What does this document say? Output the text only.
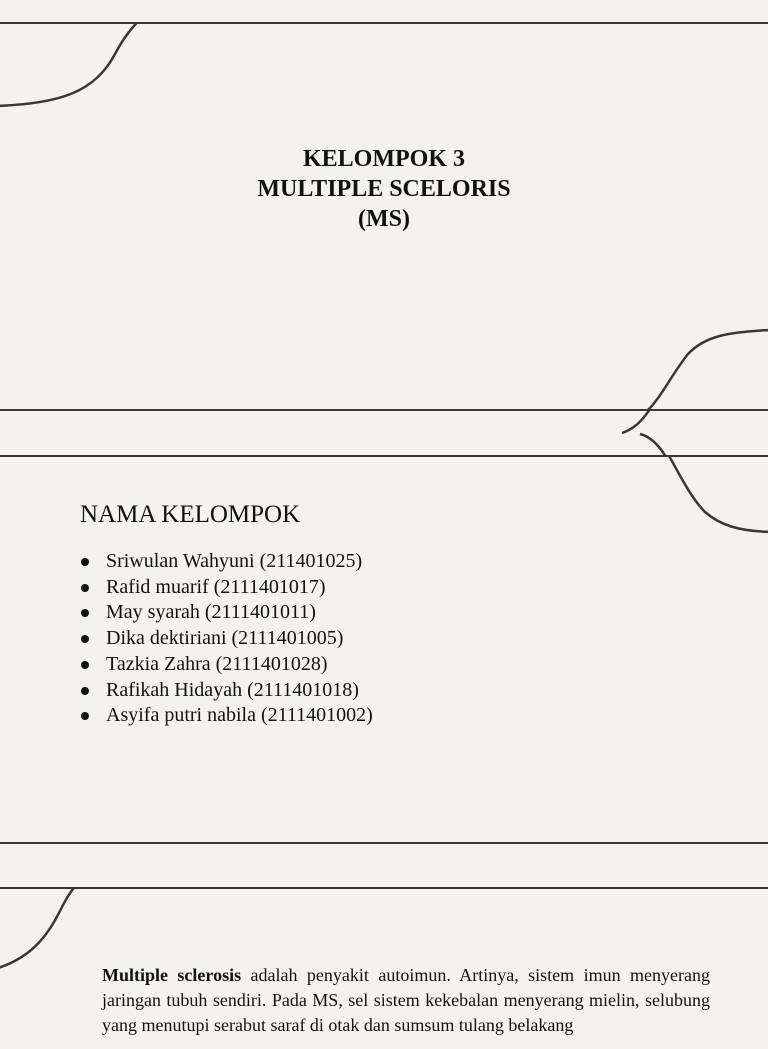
KELOMPOK 3
MULTIPLE SCELORIS
(MS)
NAMA KELOMPOK
Sriwulan Wahyuni (211401025)
Rafid muarif (2111401017)
May syarah (2111401011)
Dika dektiriani (2111401005)
Tazkia Zahra (2111401028)
Rafikah Hidayah (2111401018)
Asyifa putri nabila (2111401002)

Multiple sclerosis adalah penyakit autoimun. Artinya, sistem imun menyerang jaringan tubuh sendiri. Pada MS, sel sistem kekebalan menyerang mielin, selubung yang menutupi serabut saraf di otak dan sumsum tulang belakang
